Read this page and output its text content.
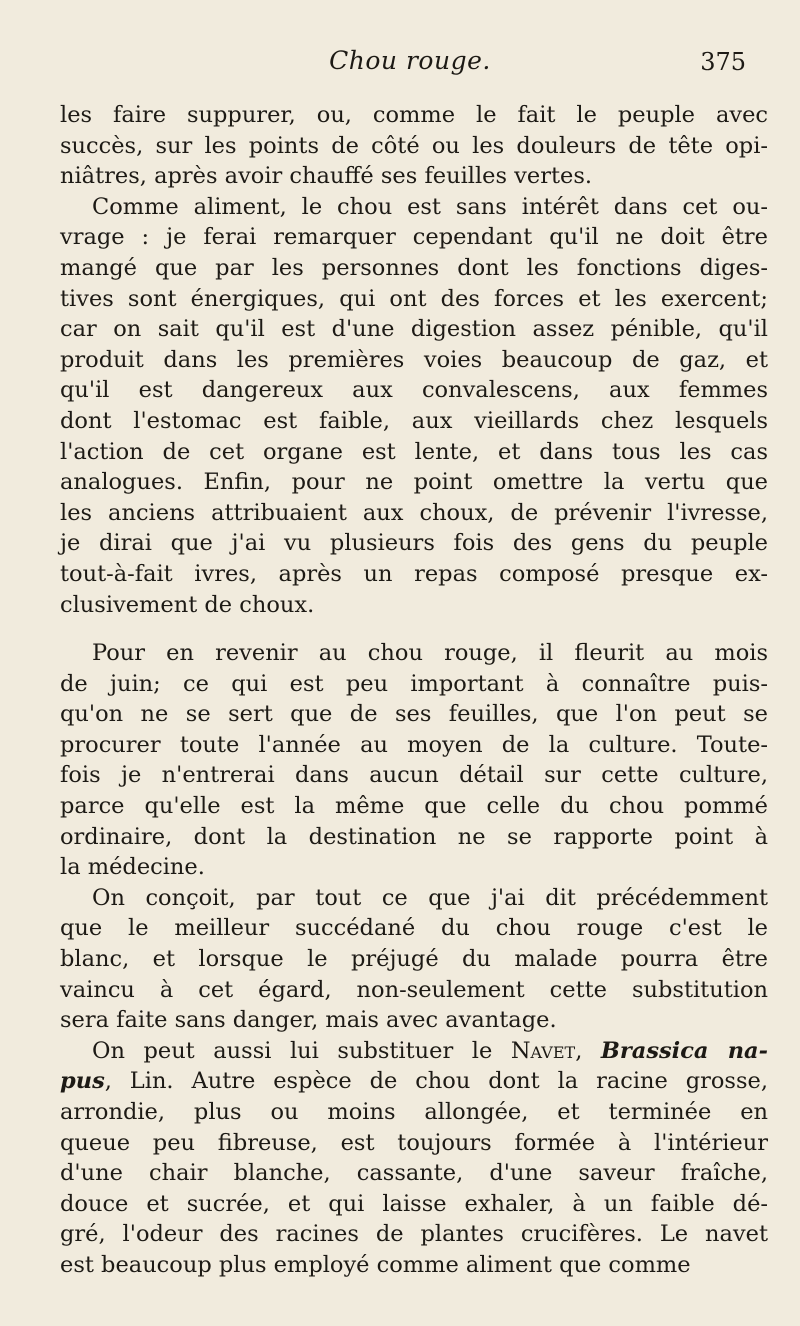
Chou rouge.	375
les faire suppurer, ou, comme le fait le peuple avec
succès, sur les points de côté ou les douleurs de tête opi-
niâtres, après avoir chauffé ses feuilles vertes.
Comme aliment, le chou est sans intérêt dans cet ou-
vrage : je ferai remarquer cependant qu'il ne doit être
mangé que par les personnes dont les fonctions diges-
tives sont énergiques, qui ont des forces et les exercent;
car on sait qu'il est d'une digestion assez pénible, qu'il
produit dans les premières voies beaucoup de gaz, et
qu'il est dangereux aux convalescens, aux femmes
dont l'estomac est faible, aux vieillards chez lesquels
l'action de cet organe est lente, et dans tous les cas
analogues. Enfin, pour ne point omettre la vertu que
les anciens attribuaient aux choux, de prévenir l'ivresse,
je dirai que j'ai vu plusieurs fois des gens du peuple
tout-à-fait ivres, après un repas composé presque ex-
clusivement de choux.
Pour en revenir au chou rouge, il fleurit au mois
de juin; ce qui est peu important à connaître puis-
qu'on ne se sert que de ses feuilles, que l'on peut se
procurer toute l'année au moyen de la culture. Toute-
fois je n'entrerai dans aucun détail sur cette culture,
parce qu'elle est la même que celle du chou pommé
ordinaire, dont la destination ne se rapporte point à
la médecine.
On conçoit, par tout ce que j'ai dit précédemment
que le meilleur succédané du chou rouge c'est le
blanc, et lorsque le préjugé du malade pourra être
vaincu à cet égard, non-seulement cette substitution
sera faite sans danger, mais avec avantage.
On peut aussi lui substituer le Navet, Brassica na-
pus, Lin. Autre espèce de chou dont la racine grosse,
arrondie, plus ou moins allongée, et terminée en
queue peu fibreuse, est toujours formée à l'intérieur
d'une chair blanche, cassante, d'une saveur fraîche,
douce et sucrée, et qui laisse exhaler, à un faible dé-
gré, l'odeur des racines de plantes crucifères. Le navet
est beaucoup plus employé comme aliment que comme
